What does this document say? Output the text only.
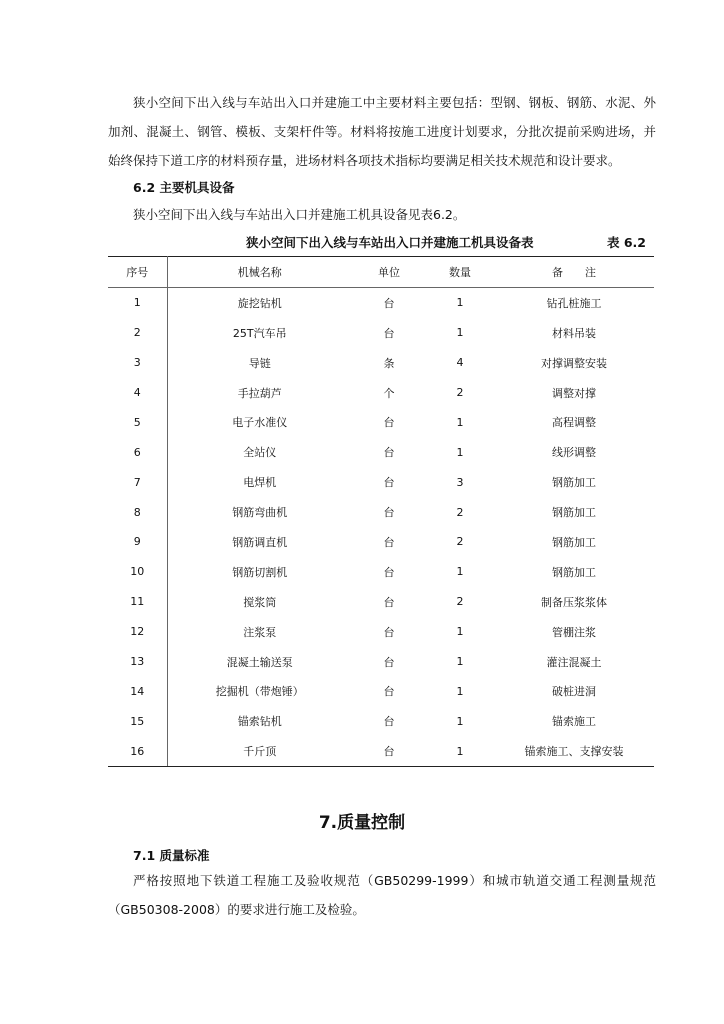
狭小空间下出入线与车站出入口并建施工中主要材料主要包括：型钢、钢板、钢筋、水泥、外加剂、混凝土、钢管、模板、支架杆件等。材料将按施工进度计划要求，分批次提前采购进场，并始终保持下道工序的材料预存量，进场材料各项技术指标均要满足相关技术规范和设计要求。

6.2 主要机具设备

狭小空间下出入线与车站出入口并建施工机具设备见表6.2。

狭小空间下出入线与车站出入口并建施工机具设备表	表 6.2
序号	机械名称	单位	数量	备　　注
1	旋挖钻机	台	1	钻孔桩施工
2	25T汽车吊	台	1	材料吊装
3	导链	条	4	对撑调整安装
4	手拉葫芦	个	2	调整对撑
5	电子水准仪	台	1	高程调整
6	全站仪	台	1	线形调整
7	电焊机	台	3	钢筋加工
8	钢筋弯曲机	台	2	钢筋加工
9	钢筋调直机	台	2	钢筋加工
10	钢筋切割机	台	1	钢筋加工
11	搅浆筒	台	2	制备压浆浆体
12	注浆泵	台	1	管棚注浆
13	混凝土输送泵	台	1	灌注混凝土
14	挖掘机（带炮锤）	台	1	破桩进洞
15	锚索钻机	台	1	锚索施工
16	千斤顶	台	1	锚索施工、支撑安装

7.质量控制

7.1 质量标准

严格按照地下铁道工程施工及验收规范（GB50299-1999）和城市轨道交通工程测量规范（GB50308-2008）的要求进行施工及检验。
